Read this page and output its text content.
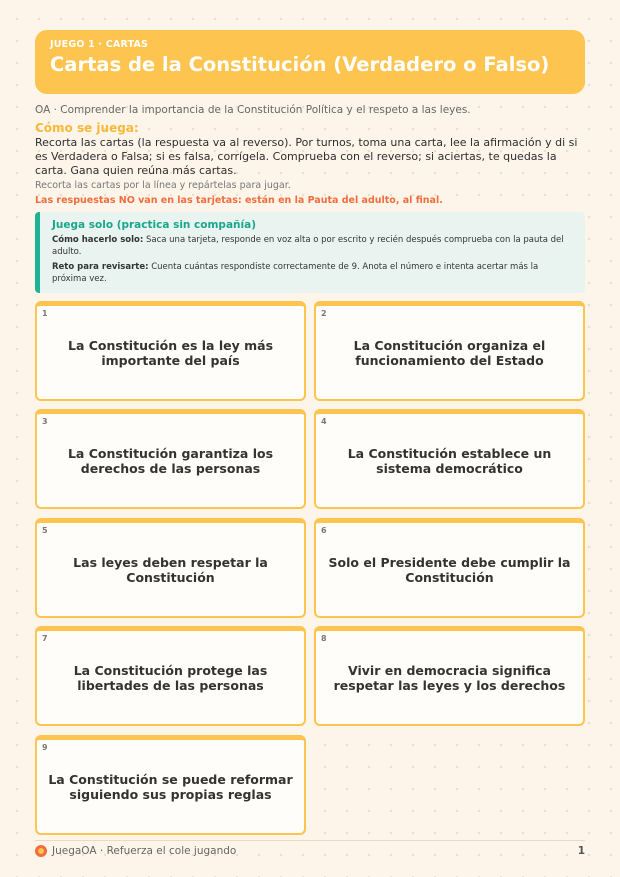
JUEGO 1 · CARTAS
Cartas de la Constitución (Verdadero o Falso)
OA · Comprender la importancia de la Constitución Política y el respeto a las leyes.
Cómo se juega:

Recorta las cartas (la respuesta va al reverso). Por turnos, toma una carta, lee la afirmación y di si es Verdadera o Falsa; si es falsa, corrígela. Comprueba con el reverso; si aciertas, te quedas la carta. Gana quien reúna más cartas.

Recorta las cartas por la línea y repártelas para jugar.
Las respuestas NO van en las tarjetas: están en la Pauta del adulto, al final.
Juega solo (practica sin compañía)
Cómo hacerlo solo: Saca una tarjeta, responde en voz alta o por escrito y recién después comprueba con la pauta del adulto.
Reto para revisarte: Cuenta cuántas respondiste correctamente de 9. Anota el número e intenta acertar más la próxima vez.
1
La Constitución es la ley más importante del país
2
La Constitución organiza el funcionamiento del Estado
3
La Constitución garantiza los derechos de las personas
4
La Constitución establece un sistema democrático
5
Las leyes deben respetar la Constitución
6
Solo el Presidente debe cumplir la Constitución
7
La Constitución protege las libertades de las personas
8
Vivir en democracia significa respetar las leyes y los derechos
9
La Constitución se puede reformar siguiendo sus propias reglas
JuegaOA · Refuerza el cole jugando	1
